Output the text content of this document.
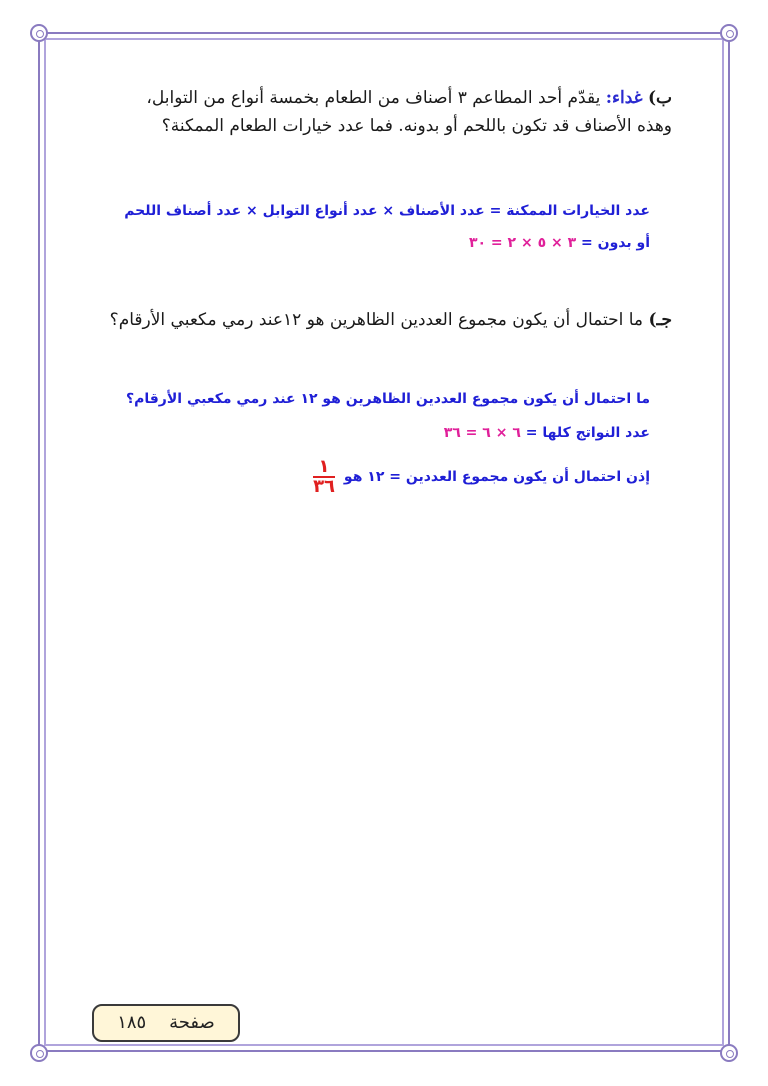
ب) غداء: يقدّم أحد المطاعم ٣ أصناف من الطعام بخمسة أنواع من التوابل،
وهذه الأصناف قد تكون باللحم أو بدونه. فما عدد خيارات الطعام الممكنة؟
عدد الخيارات الممكنة = عدد الأصناف × عدد أنواع التوابل × عدد أصناف اللحم
أو بدون = ٣ × ٥ × ٢ = ٣٠
جـ) ما احتمال أن يكون مجموع العددين الظاهرين هو ١٢عند رمي مكعبي الأرقام؟
ما احتمال أن يكون مجموع العددين الظاهرين هو ١٢ عند رمي مكعبي الأرقام؟
عدد النواتج كلها = ٦ × ٦ = ٣٦
إذن احتمال أن يكون مجموع العددين = ١٢ هو
$\frac{١}{٣٦}$
صفحة    ١٨٥
